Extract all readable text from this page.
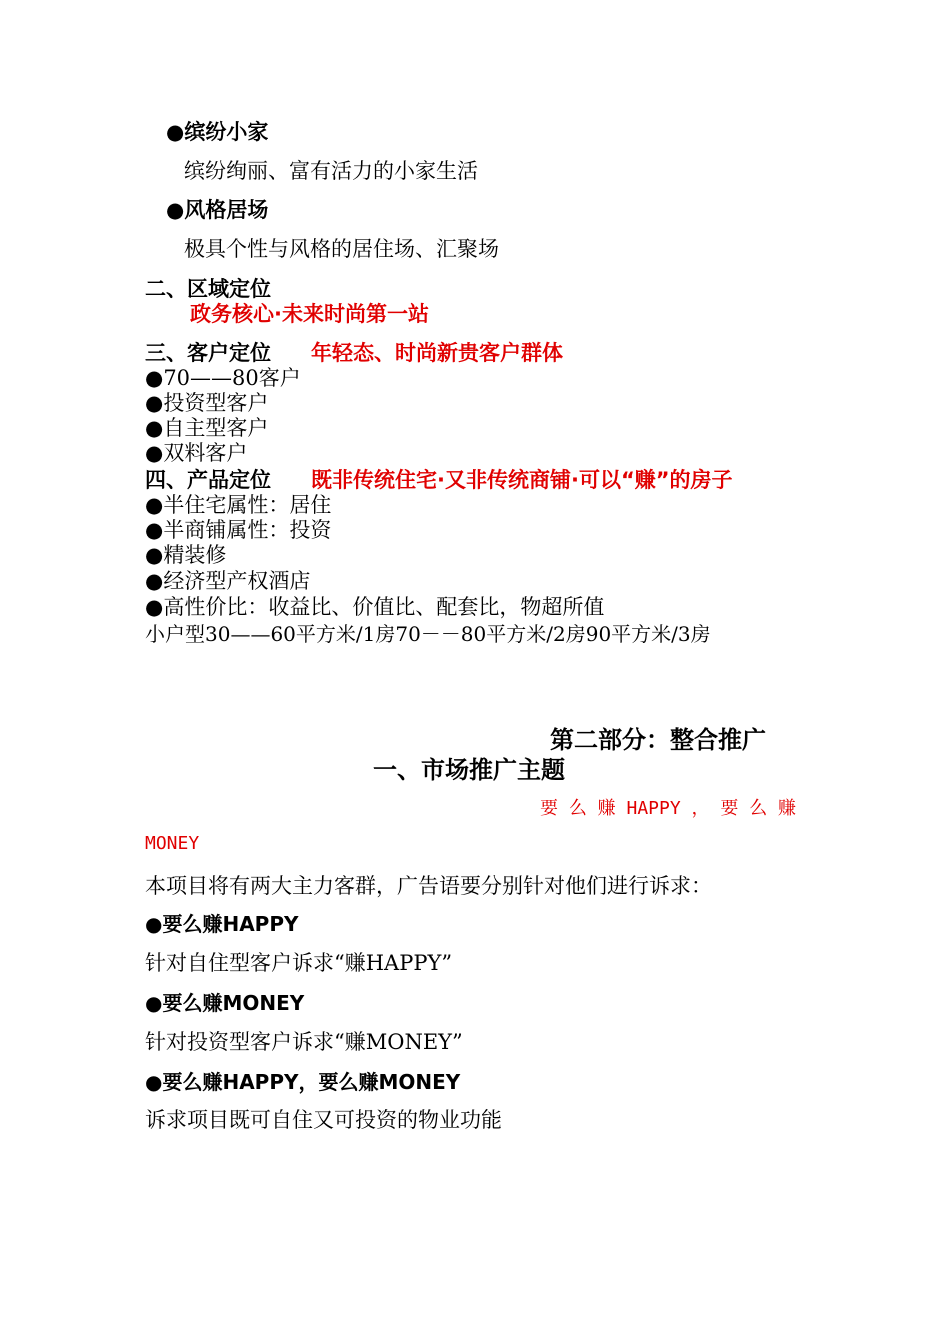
●缤纷小家
缤纷绚丽、富有活力的小家生活
●风格居场
极具个性与风格的居住场、汇聚场
二、区域定位
政务核心·未来时尚第一站
三、客户定位 年轻态、时尚新贵客户群体
●70——80客户
●投资型客户
●自主型客户
●双料客户
四、产品定位 既非传统住宅·又非传统商铺·可以“赚”的房子
●半住宅属性：居住
●半商铺属性：投资
●精装修
●经济型产权酒店
●高性价比：收益比、价值比、配套比，物超所值
小户型30——60平方米/1房70－－80平方米/2房90平方米/3房
第二部分：整合推广
一、市场推广主题
要 么 赚 HAPPY ， 要 么 赚
MONEY
本项目将有两大主力客群，广告语要分别针对他们进行诉求：
●要么赚HAPPY
针对自住型客户诉求“赚HAPPY”
●要么赚MONEY
针对投资型客户诉求“赚MONEY”
●要么赚HAPPY，要么赚MONEY
诉求项目既可自住又可投资的物业功能
